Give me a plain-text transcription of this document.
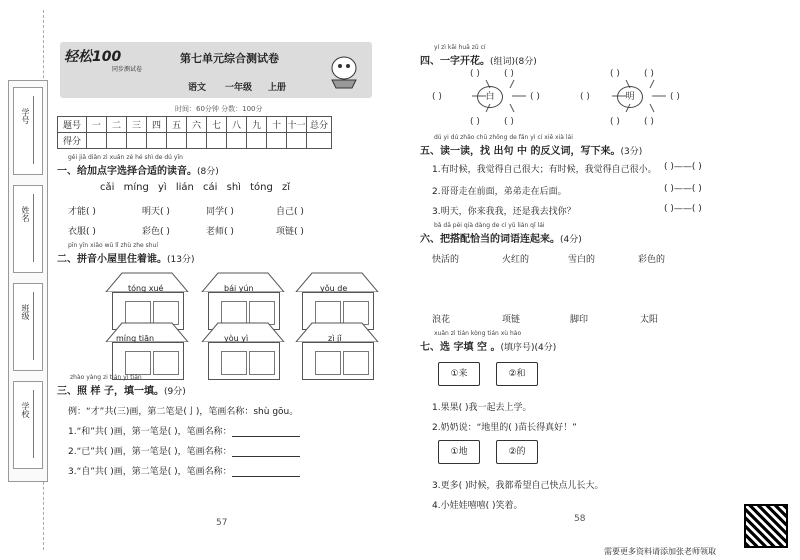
学号
姓名
班级
学校
轻松100
同步测试卷
第七单元综合测试卷
语文 一年级 上册
时间：60分钟 分数：100分
题号	一	二	三	四	五	六	七	八	九	十	十一	总分
得分												
gěi jiā diǎn zì xuǎn zé hé shì de dú yīn
一、给加点字选择合适的读音。(8分)
cǎi míng yì lián cái shì tóng zǐ
才能( )	明天( )	同学( )	自己( )
衣服( )	彩色( )	老师( )	项链( )
pīn yīn xiǎo wū lǐ zhù zhe shuí
二、拼音小屋里住着谁。(13分)
tóng xué	bái yún	yǒu de
míng tiān	yòu yì	zì jǐ
zhào yàng zi tián yì tián
三、照 样 子，填一填。(9分)
例：“才”共(三)画，第二笔是(亅)，笔画名称：shù gōu。
1.“和”共( )画，第一笔是( )，笔画名称：
2.“已”共( )画，第一笔是( )，笔画名称：
3.“自”共( )画，第二笔是( )，笔画名称：
57
yí zì kāi huā zǔ cí
四、一字开花。(组词)(8分)
( )	( )
( )	( )
( )	( )
( )	( )
( )	( )
( )	( )
白	明
dú yi dú zhǎo chū zhōng de fǎn yì cí xiě xià lái
五、读一读，找 出句 中 的反义词，写下来。(3分)
1.有时候，我觉得自己很大；有时候，我觉得自己很小。
2.哥哥走在前面，弟弟走在后面。
3.明天，你来我我，还是我去找你？
( )——( )
( )——( )
( )——( )
bǎ dā pèi qià dàng de cí yǔ lián qǐ lái
六、把搭配恰当的词语连起来。(4分)
快活的	火红的	雪白的	彩色的
浪花	项链	脚印	太阳
xuǎn zì tián kòng tián xù hào
七、选 字填 空 。(填序号)(4分)
①来	②和
1.果果( )我一起去上学。
2.奶奶说：“地里的( )苗长得真好！”
①地	②的
3.更多( )时候，我都希望自己快点儿长大。
4.小娃娃嘻嘻( )笑着。
58
需要更多资料请添加张老师领取
